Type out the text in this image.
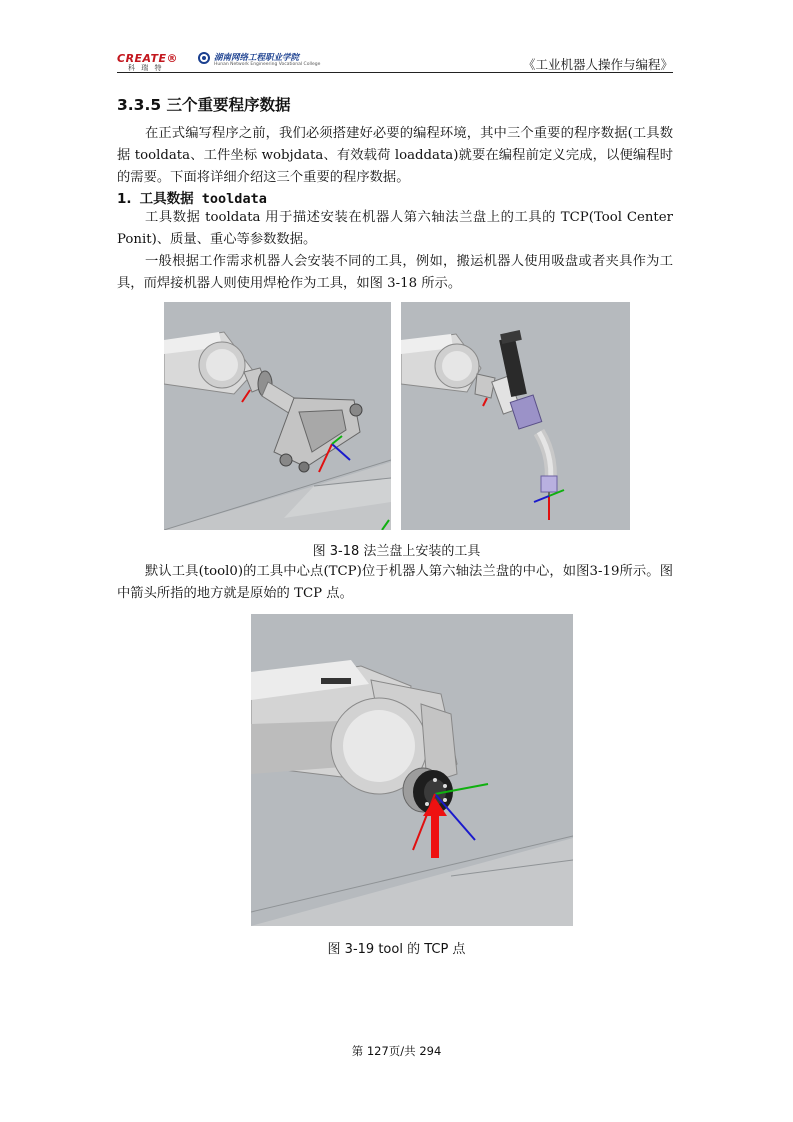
CREATE®
科 瑞 特
湖南网络工程职业学院
Hunan Network Engineering Vocational College	《工业机器人操作与编程》
3.3.5 三个重要程序数据

在正式编写程序之前，我们必须搭建好必要的编程环境，其中三个重要的程序数据(工具数据 tooldata、工件坐标 wobjdata、有效载荷 loaddata)就要在编程前定义完成，以便编程时的需要。下面将详细介绍这三个重要的程序数据。

1. 工具数据 tooldata

工具数据 tooldata 用于描述安装在机器人第六轴法兰盘上的工具的 TCP(Tool Center Ponit)、质量、重心等参数数据。

一般根据工作需求机器人会安装不同的工具，例如，搬运机器人使用吸盘或者夹具作为工具，而焊接机器人则使用焊枪作为工具，如图 3-18 所示。

图 3-18 法兰盘上安装的工具

默认工具(tool0)的工具中心点(TCP)位于机器人第六轴法兰盘的中心，如图3-19所示。图中箭头所指的地方就是原始的 TCP 点。

图 3-19 tool 的 TCP 点
第 127页/共 294
